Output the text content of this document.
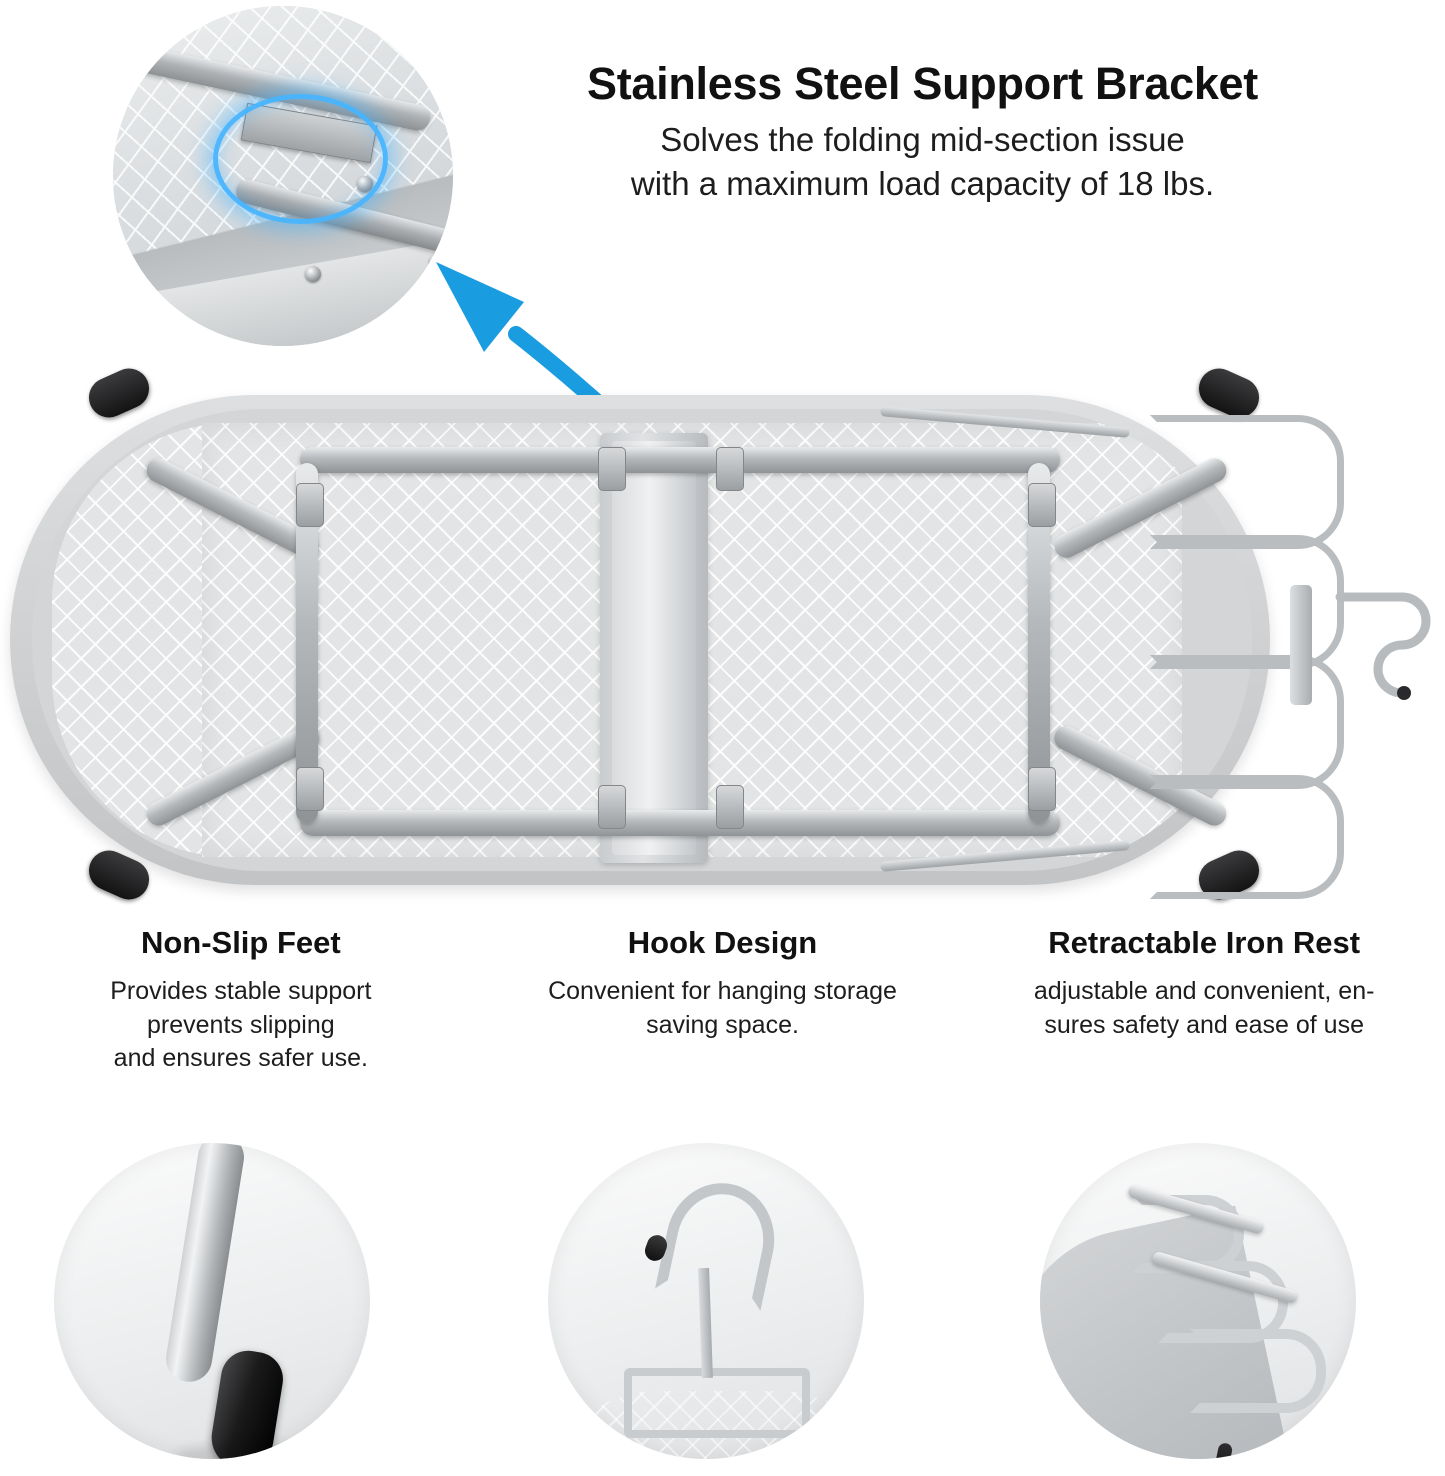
Stainless Steel Support Bracket

Solves the folding mid-section issue
with a maximum load capacity of 18 lbs.

Non-Slip Feet

Provides stable support
prevents slipping
and ensures safer use.

Hook Design

Convenient for hanging storage
saving space.

Retractable Iron Rest

adjustable and convenient, en-
sures safety and ease of use
